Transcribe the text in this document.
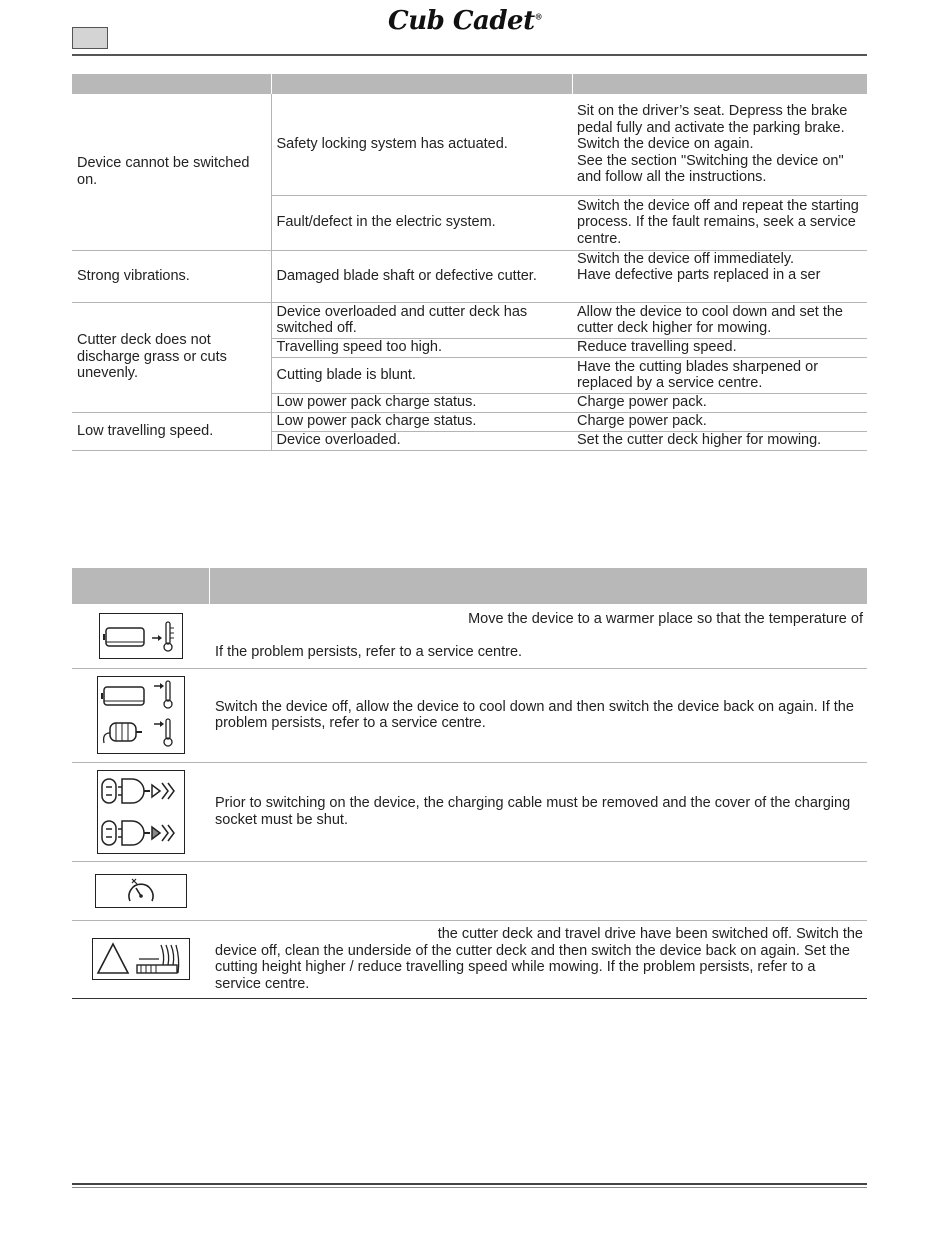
Cub Cadet®

Device cannot be switched on.	Safety locking system has actuated.	Sit on the driver’s seat. Depress the brake pedal fully and activate the parking brake.
Switch the device on again.
See the section "Switching the device on" and follow all the instructions.
	Fault/defect in the electric system.	Switch the device off and repeat the starting process. If the fault remains, seek a service centre.
Strong vibrations.	Damaged blade shaft or defective cutter.	Switch the device off immediately.
Have defective parts replaced in a ser
Cutter deck does not discharge grass or cuts unevenly.	Device overloaded and cutter deck has switched off.	Allow the device to cool down and set the cutter deck higher for mowing.
	Travelling speed too high.	Reduce travelling speed.
	Cutting blade is blunt.	Have the cutting blades sharpened or replaced by a service centre.
	Low power pack charge status.	Charge power pack.
Low travelling speed.	Low power pack charge status.	Charge power pack.
	Device overloaded.	Set the cutter deck higher for mowing.

Move the device to a warmer place so that the temperature of
If the problem persists, refer to a service centre.

	Switch the device off, allow the device to cool down and then switch the device back on again. If the problem persists, refer to a service centre.

	Prior to switching on the device, the charging cable must be removed and the cover of the charging socket must be shut.

the cutter deck and travel drive have been switched off. Switch the
device off, clean the underside of the cutter deck and then switch the device back on again. Set the cutting height higher / reduce travelling speed while mowing. If the problem persists, refer to a service centre.
